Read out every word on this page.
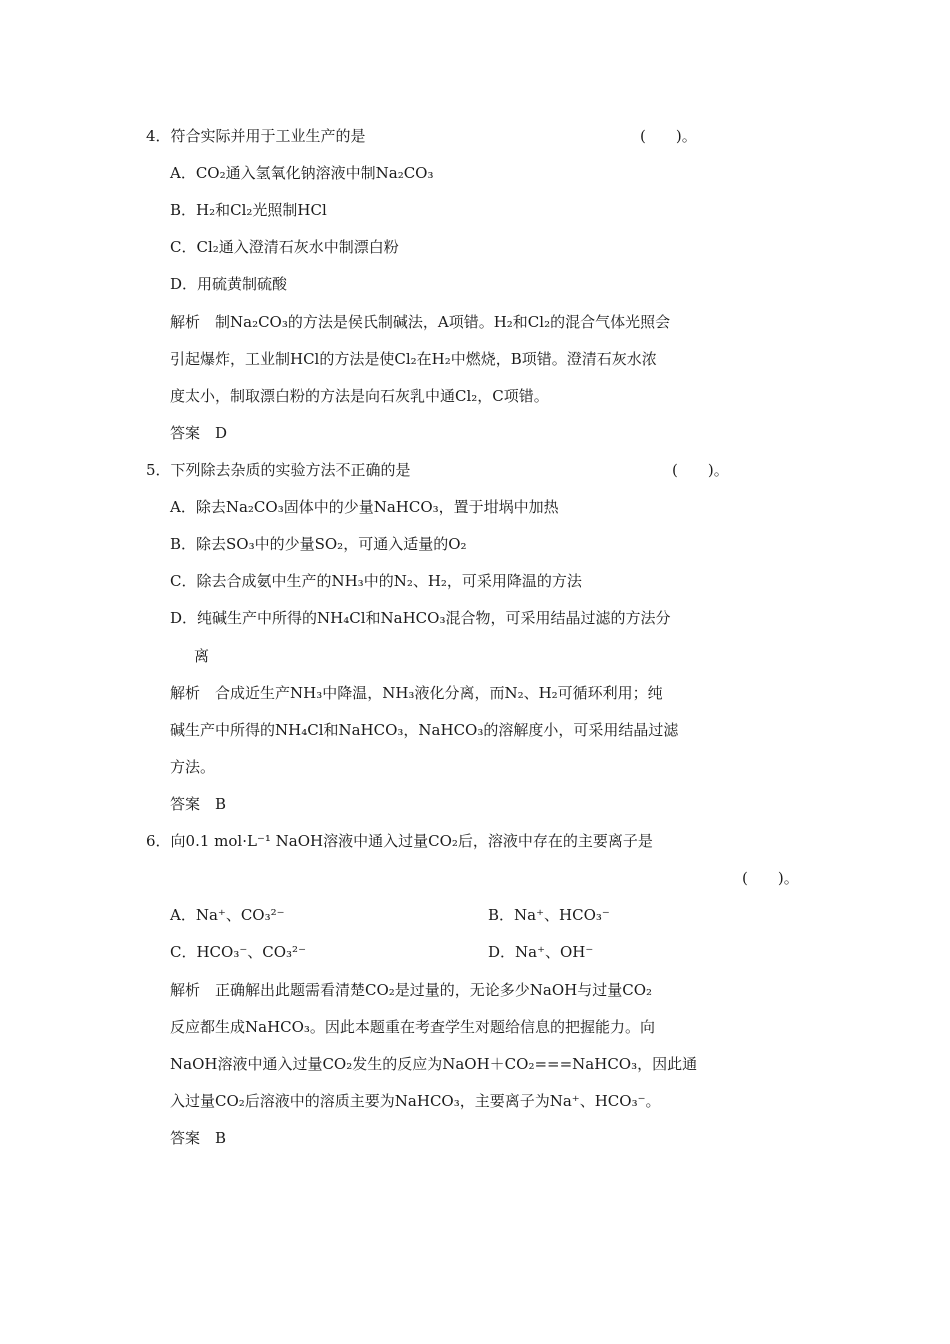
4．符合实际并用于工业生产的是	(　　)。
A．CO₂通入氢氧化钠溶液中制Na₂CO₃
B．H₂和Cl₂光照制HCl
C．Cl₂通入澄清石灰水中制漂白粉
D．用硫黄制硫酸
解析　制Na₂CO₃的方法是侯氏制碱法，A项错。H₂和Cl₂的混合气体光照会
引起爆炸，工业制HCl的方法是使Cl₂在H₂中燃烧，B项错。澄清石灰水浓
度太小，制取漂白粉的方法是向石灰乳中通Cl₂，C项错。
答案　D
5．下列除去杂质的实验方法不正确的是	(　　)。
A．除去Na₂CO₃固体中的少量NaHCO₃，置于坩埚中加热
B．除去SO₃中的少量SO₂，可通入适量的O₂
C．除去合成氨中生产的NH₃中的N₂、H₂，可采用降温的方法
D．纯碱生产中所得的NH₄Cl和NaHCO₃混合物，可采用结晶过滤的方法分
离
解析　合成近生产NH₃中降温，NH₃液化分离，而N₂、H₂可循环利用；纯
碱生产中所得的NH₄Cl和NaHCO₃，NaHCO₃的溶解度小，可采用结晶过滤
方法。
答案　B
6．向0.1 mol·L⁻¹ NaOH溶液中通入过量CO₂后，溶液中存在的主要离子是
(　　)。
A．Na⁺、CO₃²⁻	B．Na⁺、HCO₃⁻
C．HCO₃⁻、CO₃²⁻	D．Na⁺、OH⁻
解析　正确解出此题需看清楚CO₂是过量的，无论多少NaOH与过量CO₂
反应都生成NaHCO₃。因此本题重在考查学生对题给信息的把握能力。向
NaOH溶液中通入过量CO₂发生的反应为NaOH＋CO₂===NaHCO₃，因此通
入过量CO₂后溶液中的溶质主要为NaHCO₃，主要离子为Na⁺、HCO₃⁻。
答案　B
